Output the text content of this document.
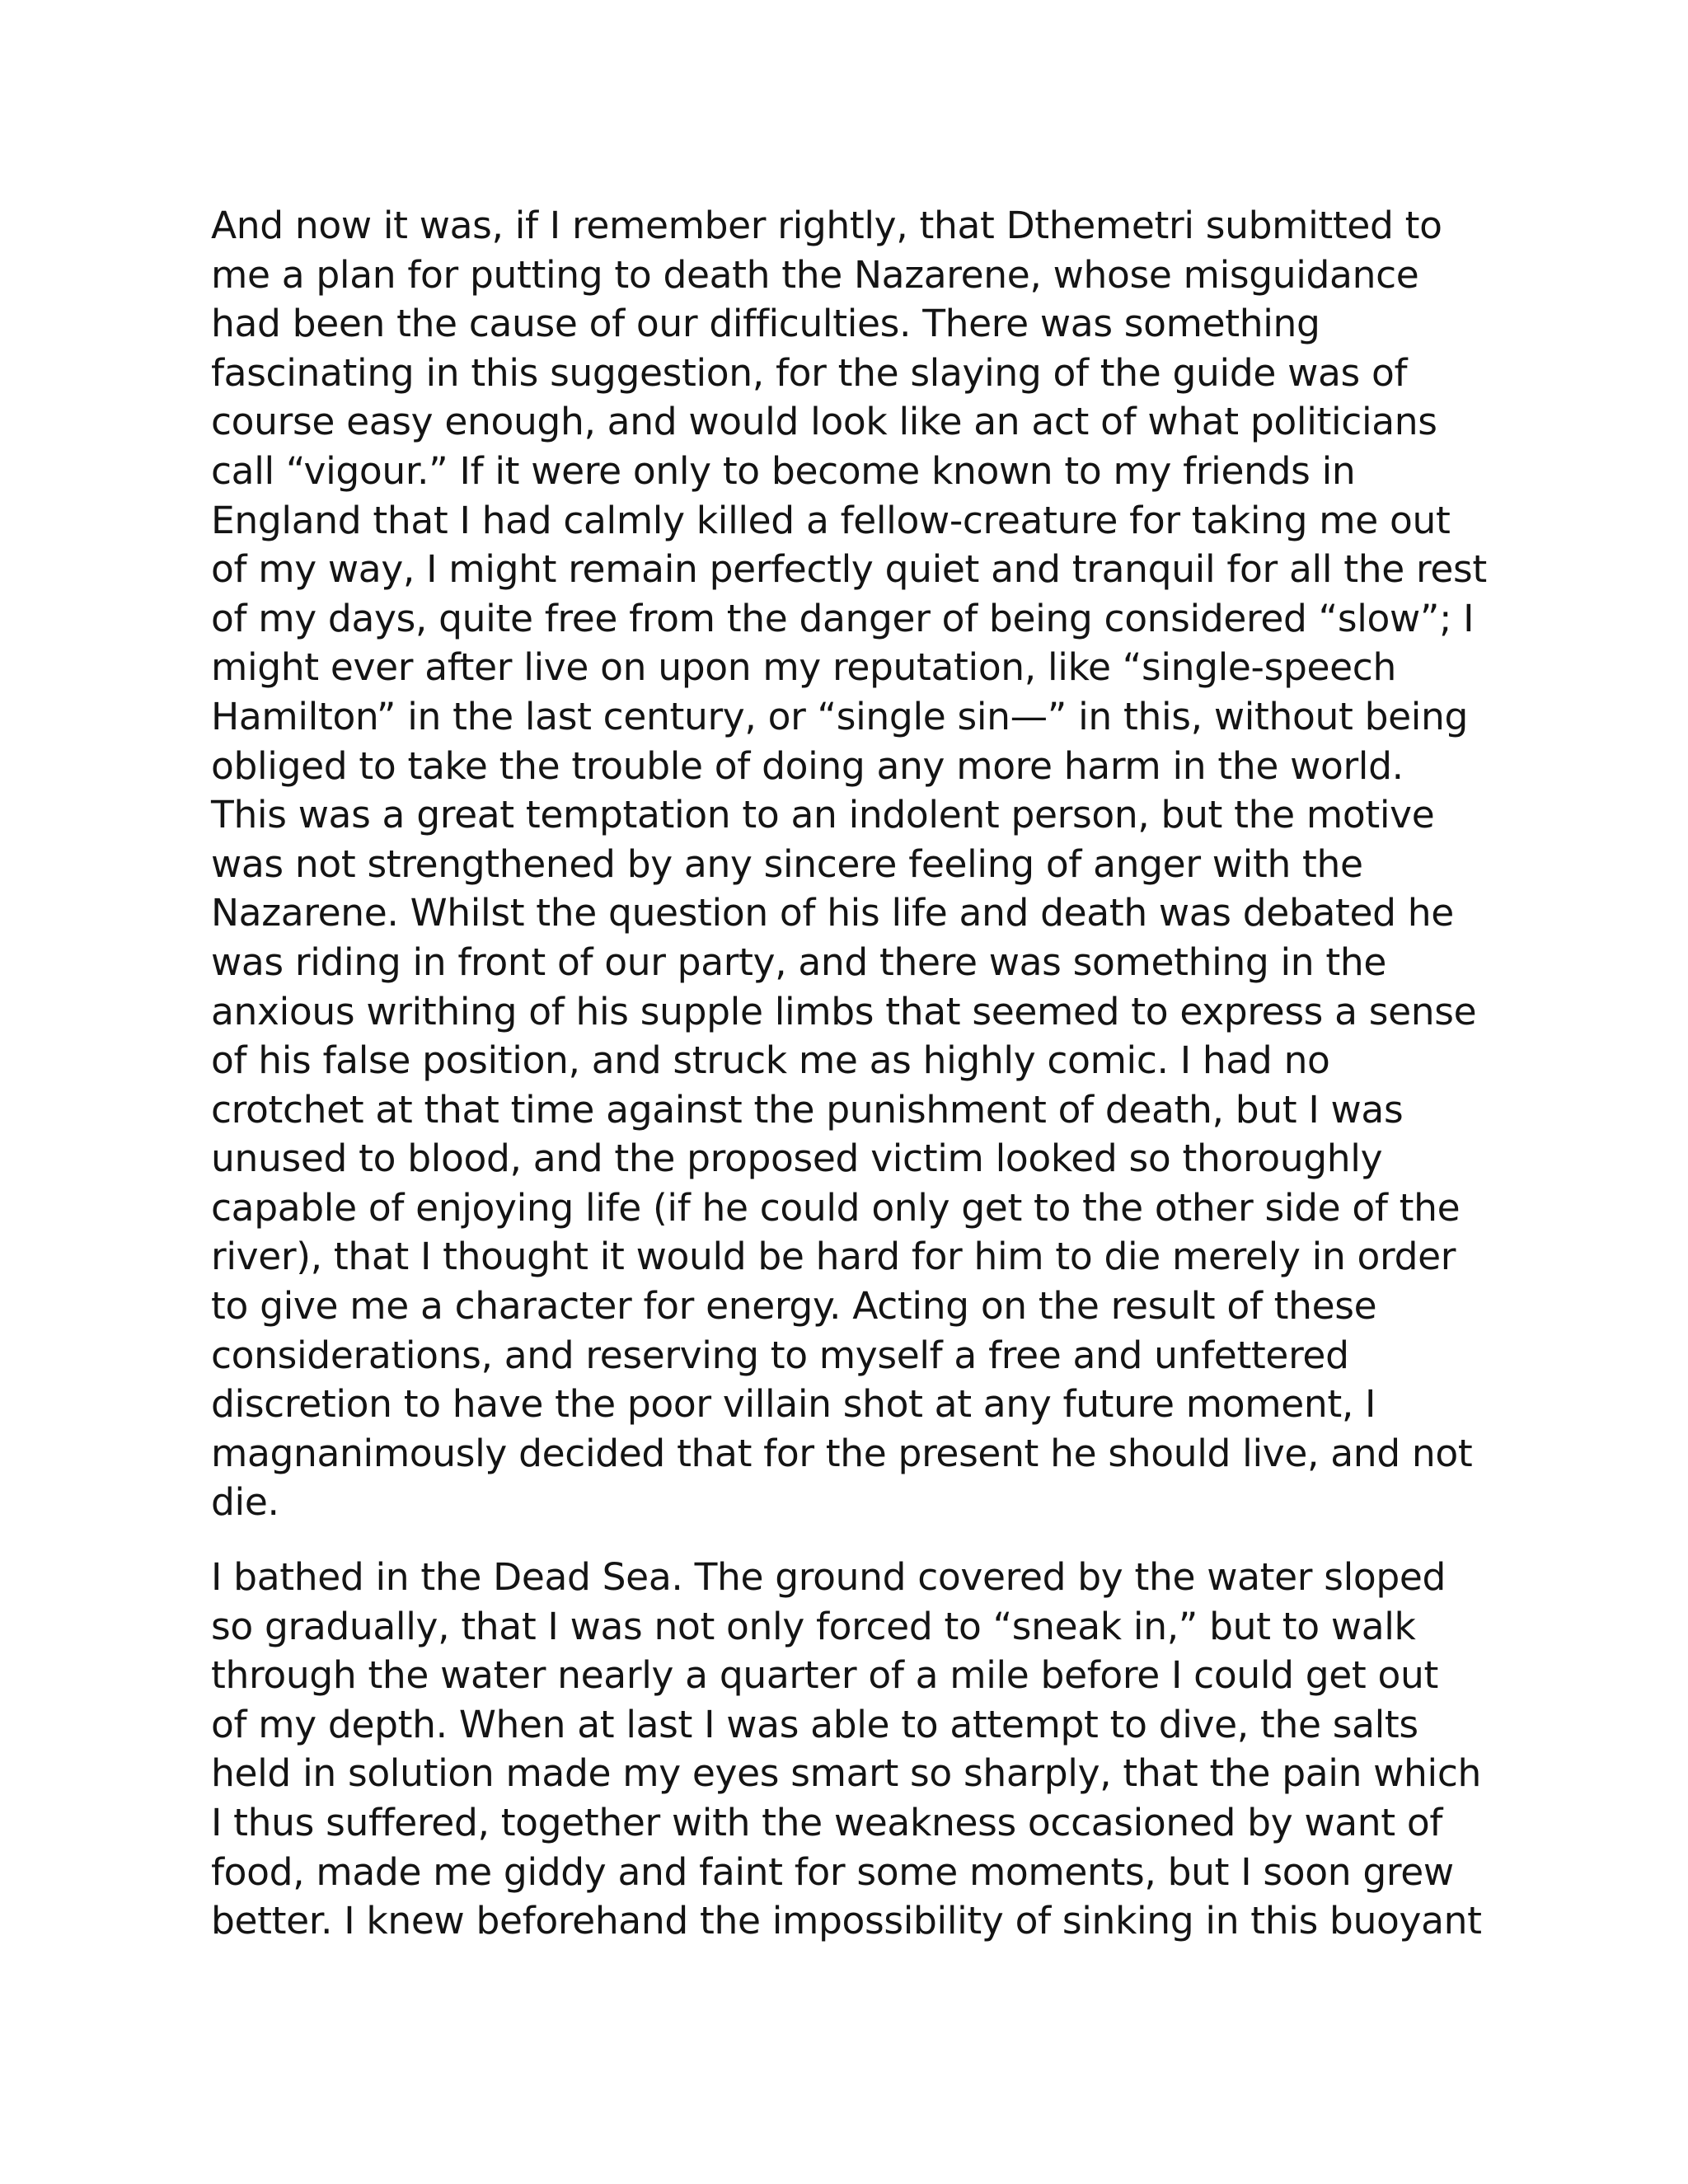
And now it was, if I remember rightly, that Dthemetri submitted to
me a plan for putting to death the Nazarene, whose misguidance
had been the cause of our difficulties. There was something
fascinating in this suggestion, for the slaying of the guide was of
course easy enough, and would look like an act of what politicians
call “vigour.” If it were only to become known to my friends in
England that I had calmly killed a fellow-creature for taking me out
of my way, I might remain perfectly quiet and tranquil for all the rest
of my days, quite free from the danger of being considered “slow”; I
might ever after live on upon my reputation, like “single-speech
Hamilton” in the last century, or “single sin—” in this, without being
obliged to take the trouble of doing any more harm in the world.
This was a great temptation to an indolent person, but the motive
was not strengthened by any sincere feeling of anger with the
Nazarene. Whilst the question of his life and death was debated he
was riding in front of our party, and there was something in the
anxious writhing of his supple limbs that seemed to express a sense
of his false position, and struck me as highly comic. I had no
crotchet at that time against the punishment of death, but I was
unused to blood, and the proposed victim looked so thoroughly
capable of enjoying life (if he could only get to the other side of the
river), that I thought it would be hard for him to die merely in order
to give me a character for energy. Acting on the result of these
considerations, and reserving to myself a free and unfettered
discretion to have the poor villain shot at any future moment, I
magnanimously decided that for the present he should live, and not
die.
I bathed in the Dead Sea. The ground covered by the water sloped
so gradually, that I was not only forced to “sneak in,” but to walk
through the water nearly a quarter of a mile before I could get out
of my depth. When at last I was able to attempt to dive, the salts
held in solution made my eyes smart so sharply, that the pain which
I thus suffered, together with the weakness occasioned by want of
food, made me giddy and faint for some moments, but I soon grew
better. I knew beforehand the impossibility of sinking in this buoyant
